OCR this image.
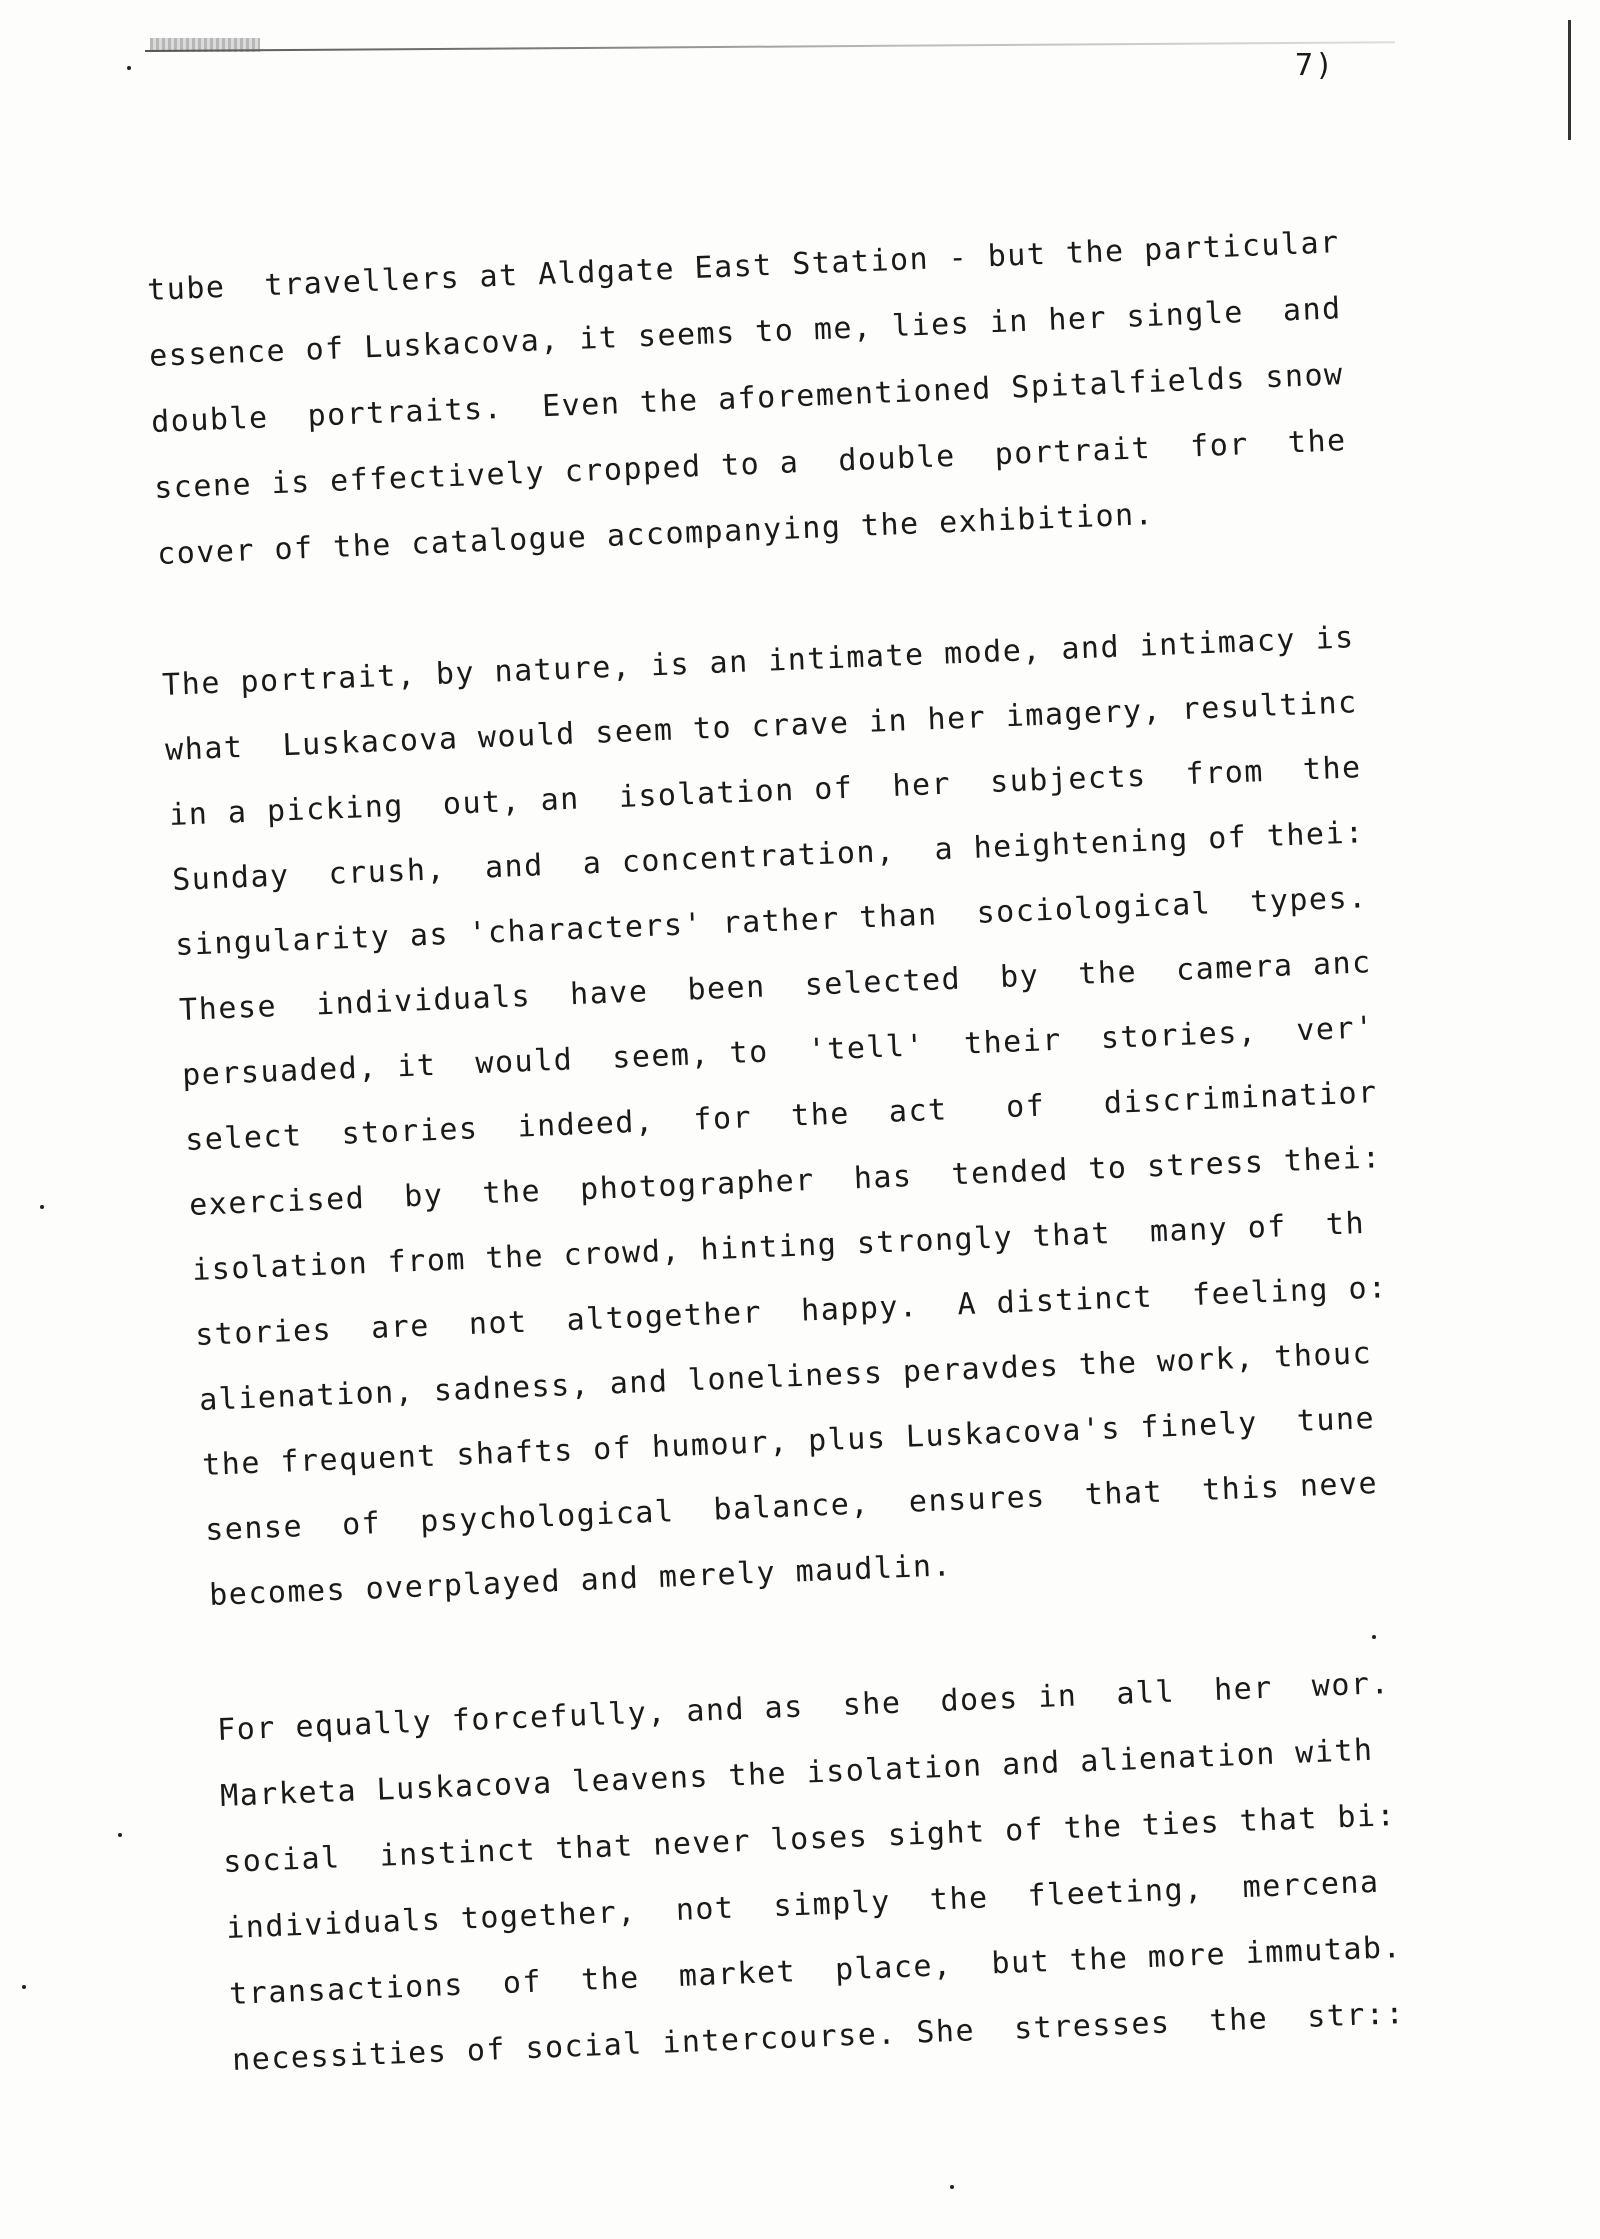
7)
tube  travellers at Aldgate East Station - but the particular
essence of Luskacova, it seems to me, lies in her single  and
double  portraits.  Even the aforementioned Spitalfields snow
scene is effectively cropped to a  double  portrait  for  the
cover of the catalogue accompanying the exhibition.
The portrait, by nature, is an intimate mode, and intimacy is
what  Luskacova would seem to crave in her imagery, resultinc
in a picking  out, an  isolation of  her  subjects  from  the
Sunday  crush,  and  a concentration,  a heightening of thei:
singularity as 'characters' rather than  sociological  types.
These  individuals  have  been  selected  by  the  camera anc
persuaded, it  would  seem, to  'tell'  their  stories,  ver'
select  stories  indeed,  for  the  act   of   discriminatior
exercised  by  the  photographer  has  tended to stress thei:
isolation from the crowd, hinting strongly that  many of  th
stories  are  not  altogether  happy.  A distinct  feeling o:
alienation, sadness, and loneliness peravdes the work, thouc
the frequent shafts of humour, plus Luskacova's finely  tune
sense  of  psychological  balance,  ensures  that  this neve
becomes overplayed and merely maudlin.
For equally forcefully, and as  she  does in  all  her  wor.
Marketa Luskacova leavens the isolation and alienation with
social  instinct that never loses sight of the ties that bi:
individuals together,  not  simply  the  fleeting,  mercena
transactions  of  the  market  place,  but the more immutab.
necessities of social intercourse. She  stresses  the  str::
